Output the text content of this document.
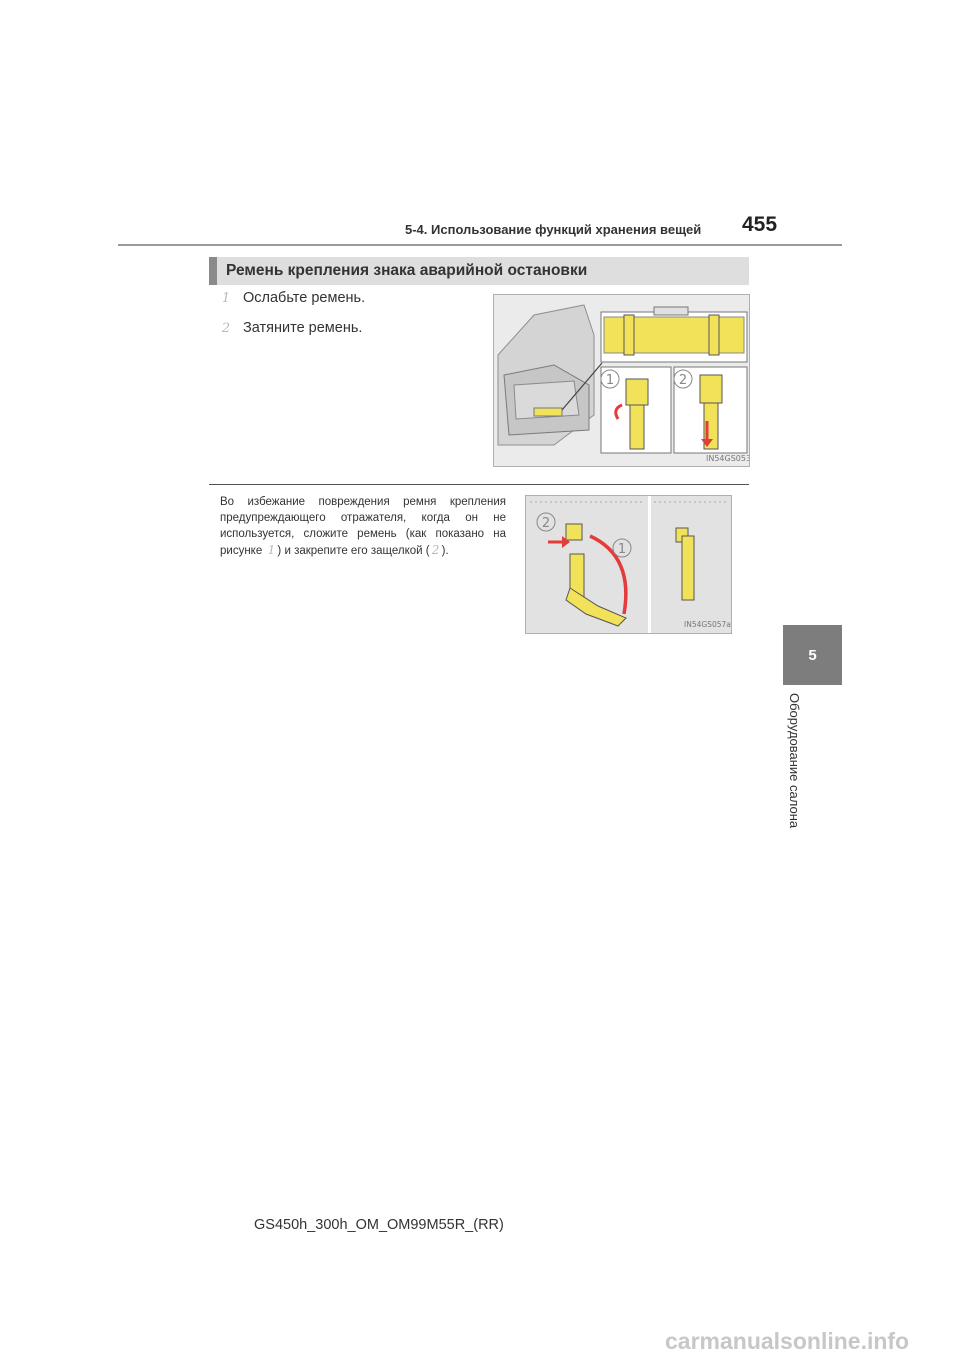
5-4. Использование функций хранения вещей 455
5
Оборудование салона
Ремень крепления знака аварийной остановки
1 Ослабьте ремень.
2 Затяните ремень.
1	2
IN54GS053
Во избежание повреждения ремня крепления предупреждающего отражателя, когда он не используется, сложите ремень (как показано на рисунке 1 ) и закрепите его защелкой ( 2 ).
2
1
IN54GS057a
GS450h_300h_OM_OM99M55R_(RR)
carmanualsonline.info
